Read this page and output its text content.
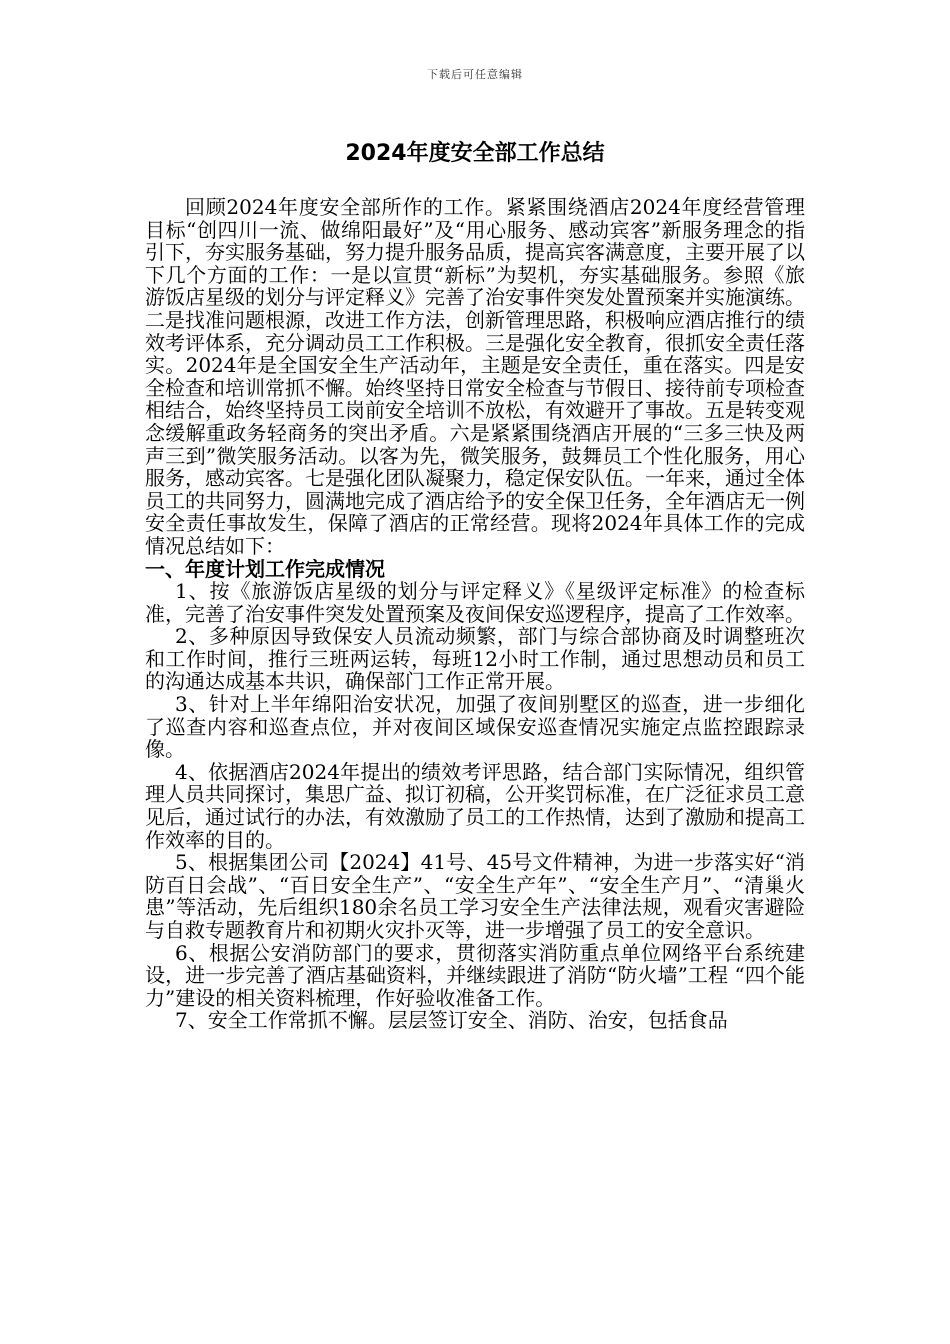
下载后可任意编辑
2024年度安全部工作总结

回顾2024年度安全部所作的工作。紧紧围绕酒店2024年度经营管理目标“创四川一流、做绵阳最好”及“用心服务、感动宾客”新服务理念的指引下，夯实服务基础，努力提升服务品质，提高宾客满意度，主要开展了以下几个方面的工作：一是以宣贯“新标”为契机，夯实基础服务。参照《旅游饭店星级的划分与评定释义》完善了治安事件突发处置预案并实施演练。二是找准问题根源，改进工作方法，创新管理思路，积极响应酒店推行的绩效考评体系，充分调动员工工作积极。三是强化安全教育，很抓安全责任落实。2024年是全国安全生产活动年，主题是安全责任，重在落实。四是安全检查和培训常抓不懈。始终坚持日常安全检查与节假日、接待前专项检查相结合，始终坚持员工岗前安全培训不放松，有效避开了事故。五是转变观念缓解重政务轻商务的突出矛盾。六是紧紧围绕酒店开展的“三多三快及两声三到”微笑服务活动。以客为先，微笑服务，鼓舞员工个性化服务，用心服务，感动宾客。七是强化团队凝聚力，稳定保安队伍。一年来，通过全体员工的共同努力，圆满地完成了酒店给予的安全保卫任务，全年酒店无一例安全责任事故发生，保障了酒店的正常经营。现将2024年具体工作的完成情况总结如下：

一、年度计划工作完成情况

1、按《旅游饭店星级的划分与评定释义》《星级评定标准》的检查标准，完善了治安事件突发处置预案及夜间保安巡逻程序，提高了工作效率。

2、多种原因导致保安人员流动频繁，部门与综合部协商及时调整班次和工作时间，推行三班两运转，每班12小时工作制，通过思想动员和员工的沟通达成基本共识，确保部门工作正常开展。

3、针对上半年绵阳治安状况，加强了夜间别墅区的巡查，进一步细化了巡查内容和巡查点位，并对夜间区域保安巡查情况实施定点监控跟踪录像。

4、依据酒店2024年提出的绩效考评思路，结合部门实际情况，组织管理人员共同探讨，集思广益、拟订初稿，公开奖罚标准，在广泛征求员工意见后，通过试行的办法，有效激励了员工的工作热情，达到了激励和提高工作效率的目的。

5、根据集团公司【2024】41号、45号文件精神，为进一步落实好“消防百日会战”、“百日安全生产”、“安全生产年”、“安全生产月”、“清巢火患”等活动，先后组织180余名员工学习安全生产法律法规，观看灾害避险与自救专题教育片和初期火灾扑灭等，进一步增强了员工的安全意识。

6、根据公安消防部门的要求，贯彻落实消防重点单位网络平台系统建设，进一步完善了酒店基础资料，并继续跟进了消防“防火墙”工程 “四个能力”建设的相关资料梳理，作好验收准备工作。

7、安全工作常抓不懈。层层签订安全、消防、治安，包括食品
